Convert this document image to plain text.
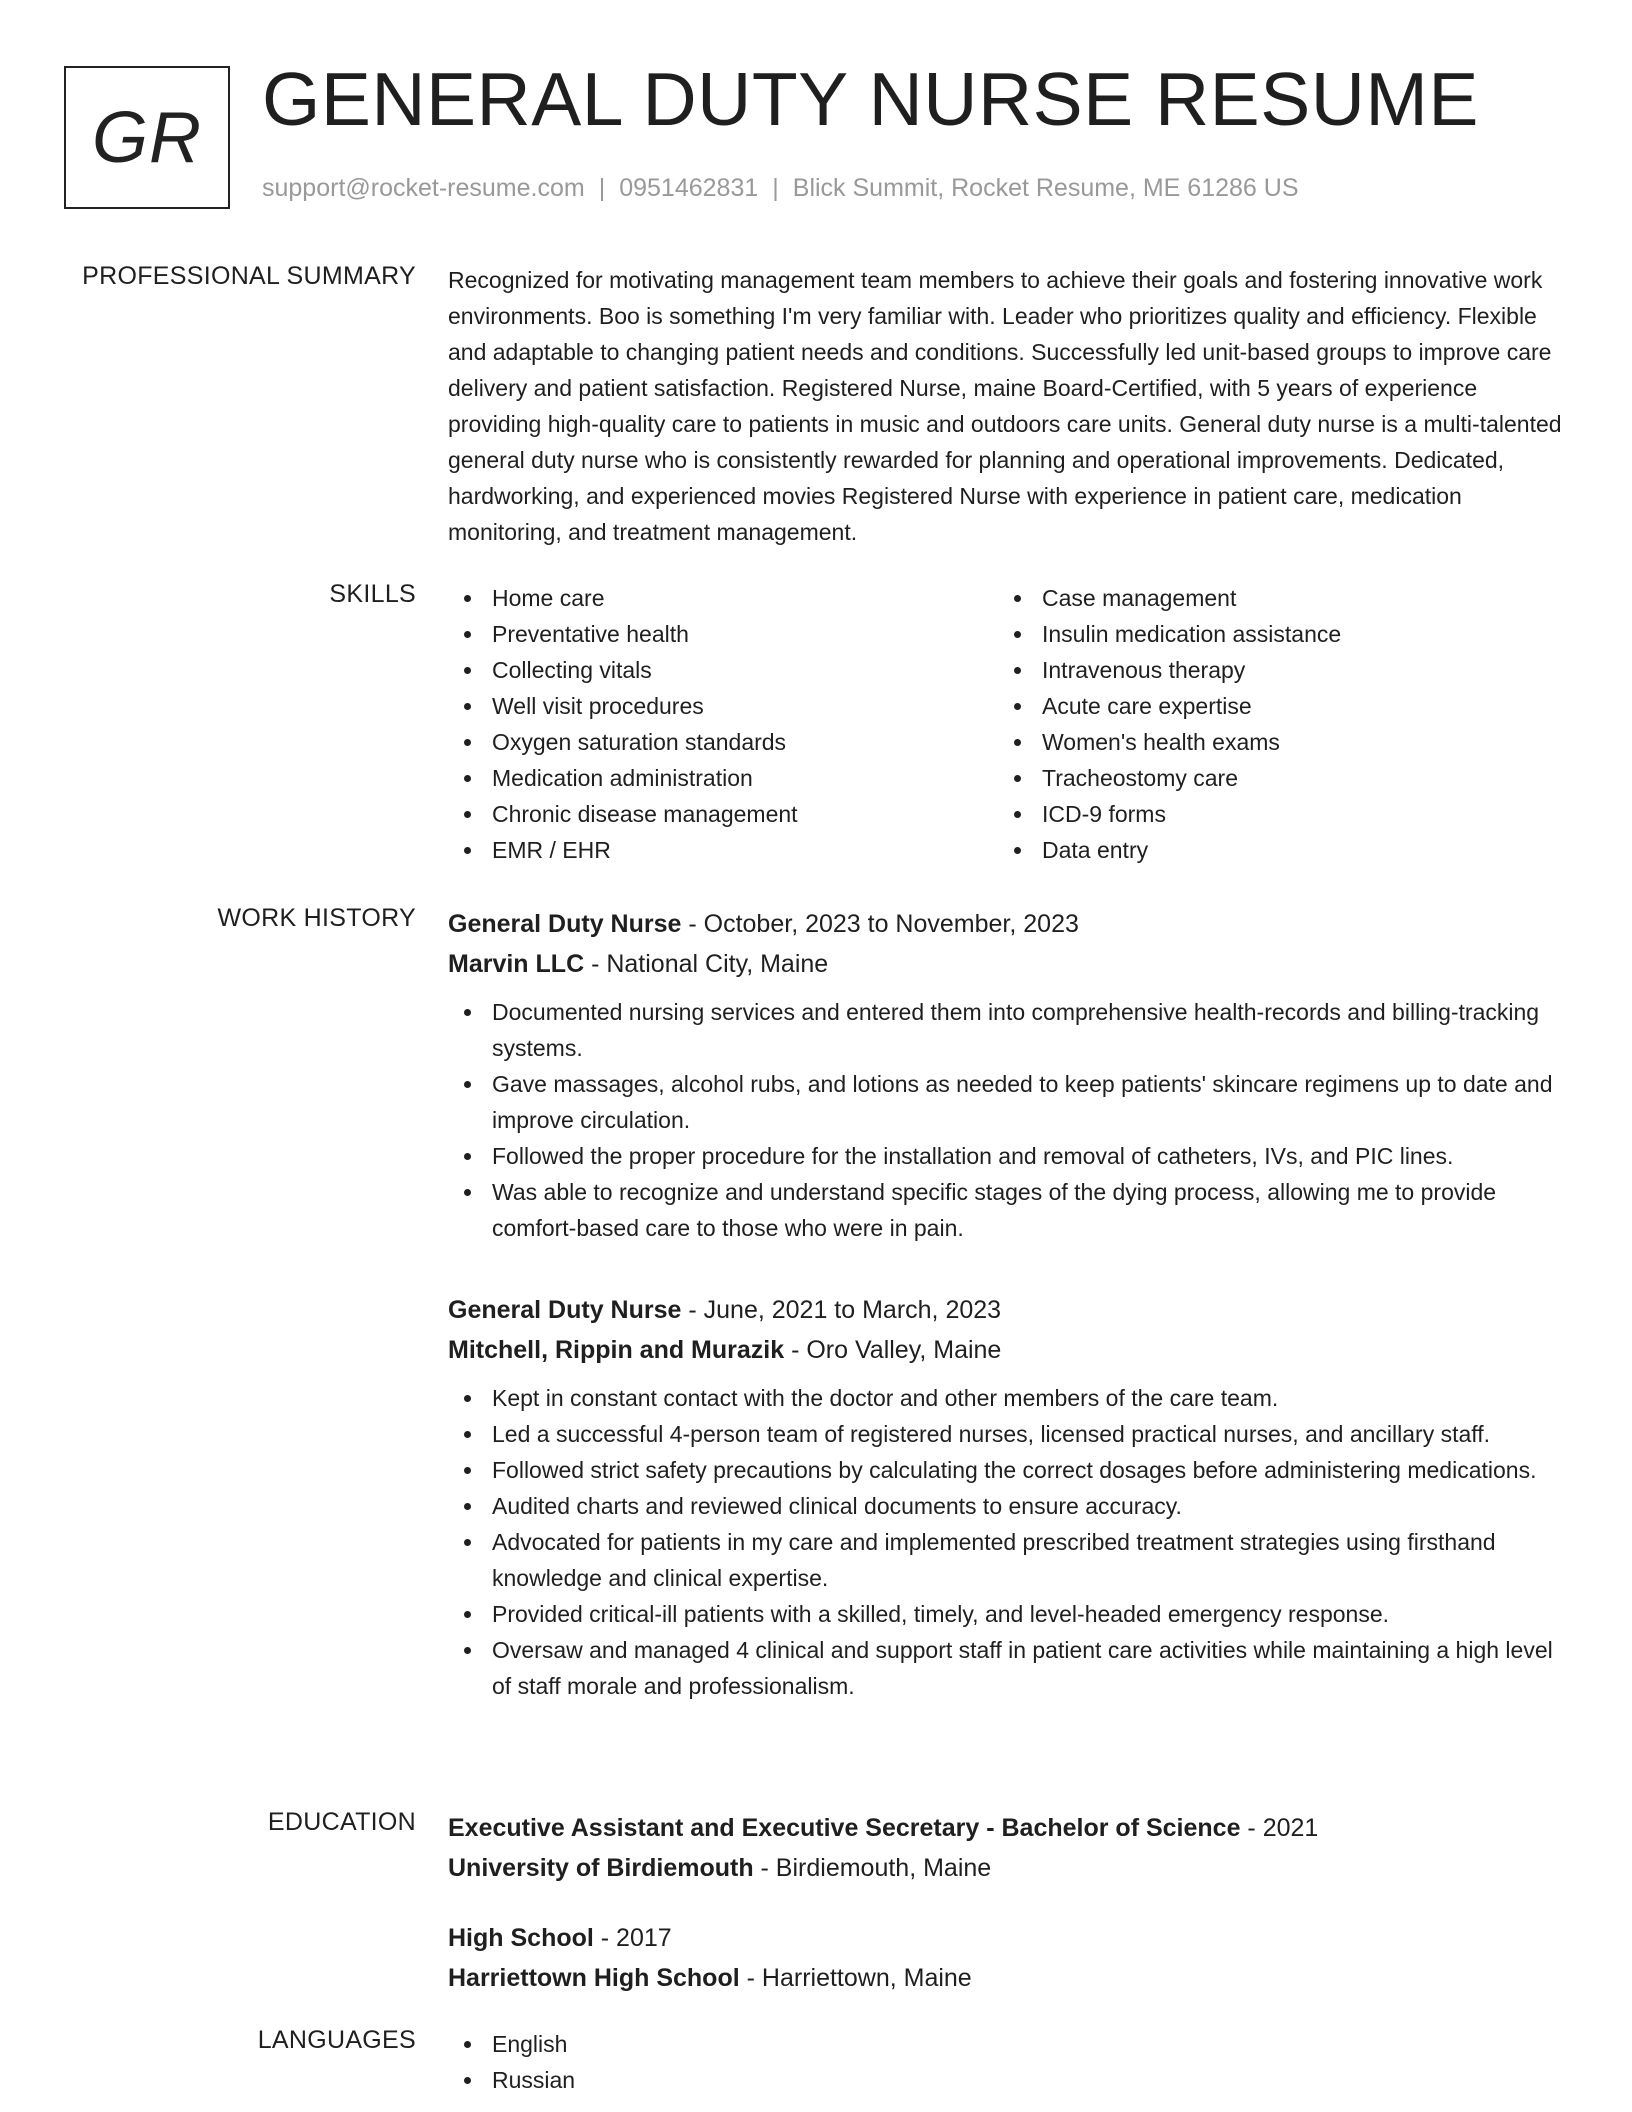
GR GENERAL DUTY NURSE RESUME
support@rocket-resume.com | 0951462831 | Blick Summit, Rocket Resume, ME 61286 US
PROFESSIONAL SUMMARY Recognized for motivating management team members to achieve their goals and fostering innovative work environments. Boo is something I'm very familiar with. Leader who prioritizes quality and efficiency. Flexible and adaptable to changing patient needs and conditions. Successfully led unit-based groups to improve care delivery and patient satisfaction. Registered Nurse, maine Board-Certified, with 5 years of experience providing high-quality care to patients in music and outdoors care units. General duty nurse is a multi-talented general duty nurse who is consistently rewarded for planning and operational improvements. Dedicated, hardworking, and experienced movies Registered Nurse with experience in patient care, medication monitoring, and treatment management.
SKILLS	Home care
Preventative health
Collecting vitals
Well visit procedures
Oxygen saturation standards
Medication administration
Chronic disease management
EMR / EHR
Case management
Insulin medication assistance
Intravenous therapy
Acute care expertise
Women's health exams
Tracheostomy care
ICD-9 forms
Data entry
WORK HISTORY General Duty Nurse - October, 2023 to November, 2023
Marvin LLC - National City, Maine
Documented nursing services and entered them into comprehensive health-records and billing-tracking systems.
Gave massages, alcohol rubs, and lotions as needed to keep patients' skincare regimens up to date and improve circulation.
Followed the proper procedure for the installation and removal of catheters, IVs, and PIC lines.
Was able to recognize and understand specific stages of the dying process, allowing me to provide comfort-based care to those who were in pain.
General Duty Nurse - June, 2021 to March, 2023
Mitchell, Rippin and Murazik - Oro Valley, Maine
Kept in constant contact with the doctor and other members of the care team.
Led a successful 4-person team of registered nurses, licensed practical nurses, and ancillary staff.
Followed strict safety precautions by calculating the correct dosages before administering medications.
Audited charts and reviewed clinical documents to ensure accuracy.
Advocated for patients in my care and implemented prescribed treatment strategies using firsthand knowledge and clinical expertise.
Provided critical-ill patients with a skilled, timely, and level-headed emergency response.
Oversaw and managed 4 clinical and support staff in patient care activities while maintaining a high level of staff morale and professionalism.
EDUCATION Executive Assistant and Executive Secretary - Bachelor of Science - 2021
University of Birdiemouth - Birdiemouth, Maine
High School - 2017
Harriettown High School - Harriettown, Maine
LANGUAGES	English
Russian
